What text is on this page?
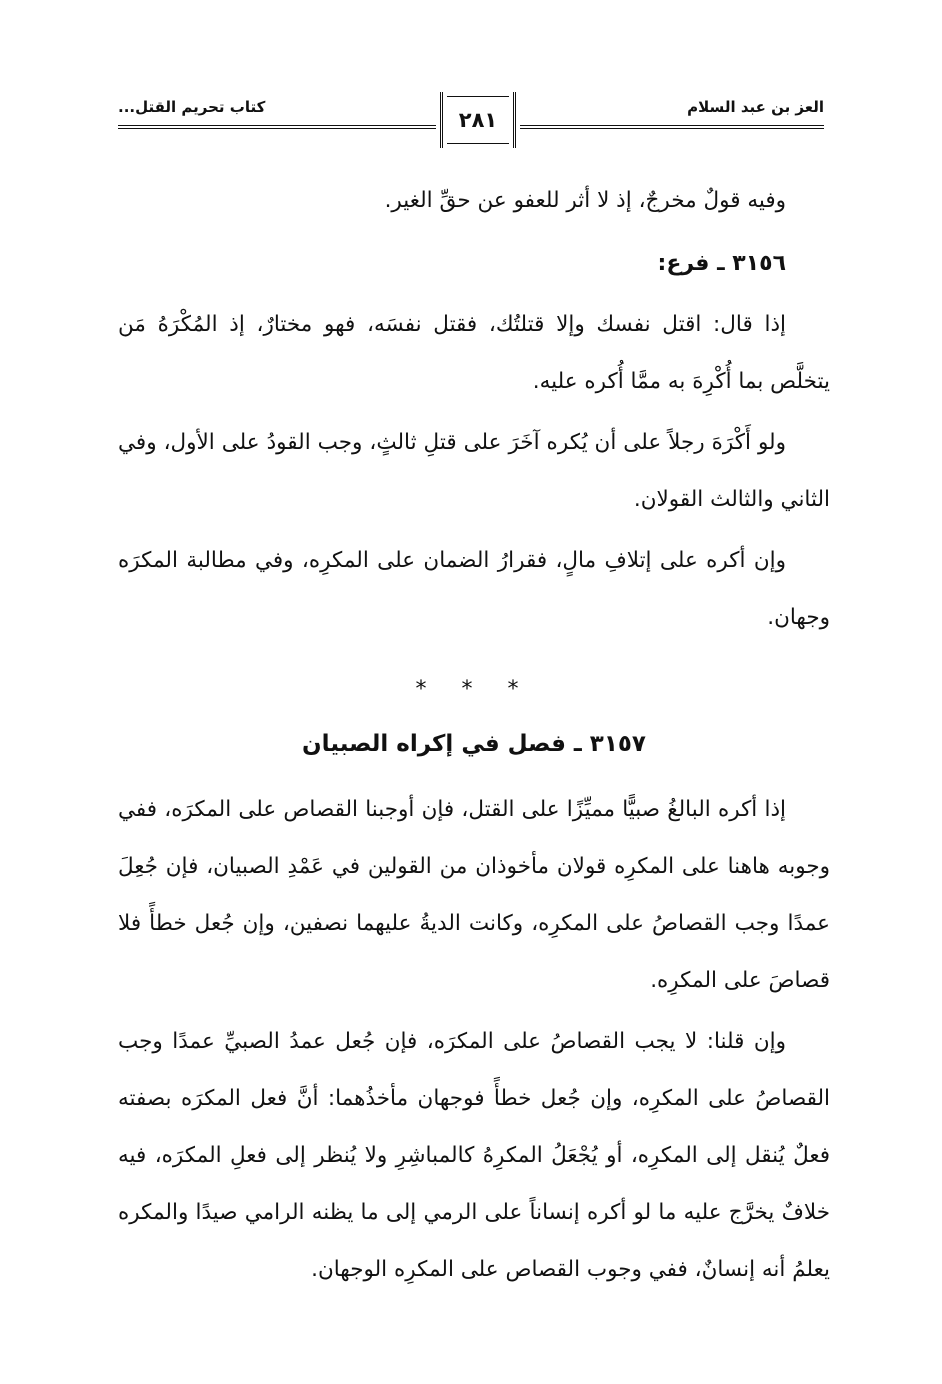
كتاب تحريم القتل...
٢٨١
العز بن عبد السلام

وفيه قولٌ مخرجٌ، إذ لا أثر للعفو عن حقِّ الغير.

٣١٥٦ ـ فرع:

إذا قال: اقتل نفسك وإلا قتلتُك، فقتل نفسَه، فهو مختارٌ، إذ المُكْرَهُ مَن يتخلَّص بما أُكْرِهَ به ممَّا أُكره عليه.

ولو أَكْرَهَ رجلاً على أن يُكره آخَرَ على قتلِ ثالثٍ، وجب القودُ على الأول، وفي الثاني والثالث القولان.

وإن أكره على إتلافِ مالٍ، فقرارُ الضمان على المكرِه، وفي مطالبة المكرَه وجهان.

* * *
٣١٥٧ ـ فصل في إكراه الصبيان

إذا أكره البالغُ صبيًّا مميِّزًا على القتل، فإن أوجبنا القصاص على المكرَه، ففي وجوبه هاهنا على المكرِه قولان مأخوذان من القولين في عَمْدِ الصبيان، فإن جُعِلَ عمدًا وجب القصاصُ على المكرِه، وكانت الديةُ عليهما نصفين، وإن جُعل خطأً فلا قصاصَ على المكرِه.

وإن قلنا: لا يجب القصاصُ على المكرَه، فإن جُعل عمدُ الصبيِّ عمدًا وجب القصاصُ على المكرِه، وإن جُعل خطأً فوجهان مأخذُهما: أنَّ فعل المكرَه بصفته فعلٌ يُنقل إلى المكرِه، أو يُجْعَلُ المكرِهُ كالمباشِرِ ولا يُنظر إلى فعلِ المكرَه، فيه خلافٌ يخرَّج عليه ما لو أكره إنساناً على الرمي إلى ما يظنه الرامي صيدًا والمكره يعلمُ أنه إنسانٌ، ففي وجوب القصاص على المكرِه الوجهان.
